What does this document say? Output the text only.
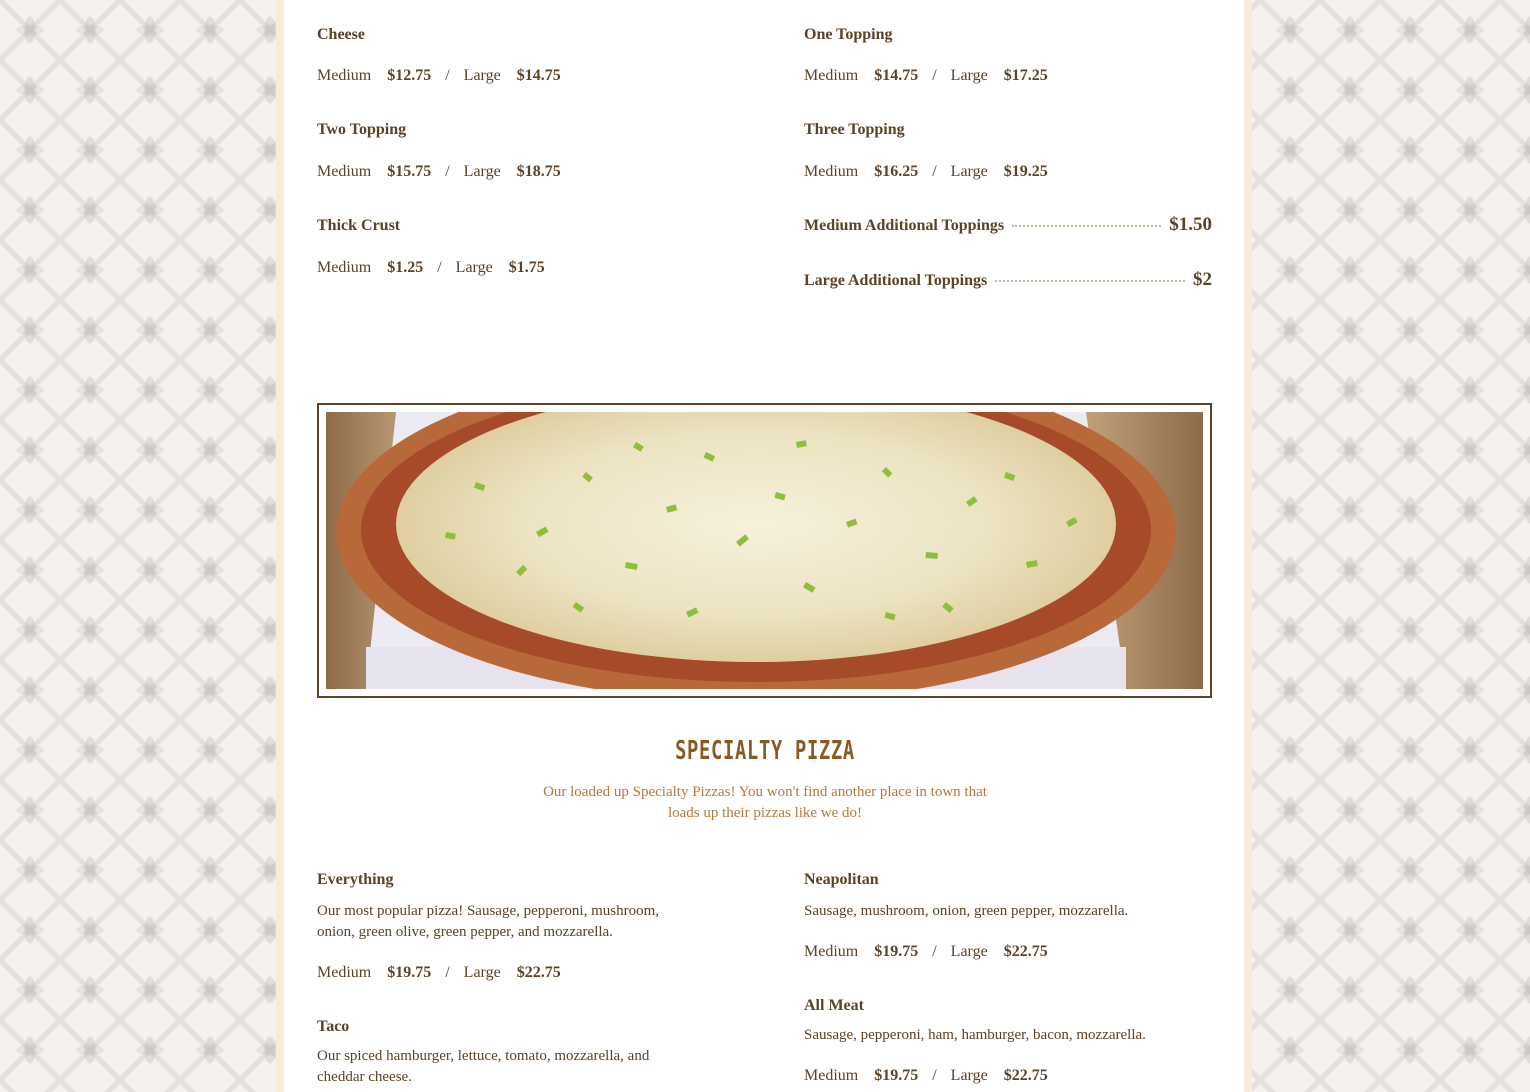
Cheese
Medium $12.75 / Large $14.75
One Topping
Medium $14.75 / Large $17.25
Two Topping
Medium $15.75 / Large $18.75
Three Topping
Medium $16.25 / Large $19.25
Thick Crust
Medium $1.25 / Large $1.75
Medium Additional Toppings	$1.50
Large Additional Toppings	$2
SPECIALTY PIZZA
Our loaded up Specialty Pizzas! You won't find another place in town that loads up their pizzas like we do!
Everything
Our most popular pizza! Sausage, pepperoni, mushroom, onion, green olive, green pepper, and mozzarella.
Medium $19.75 / Large $22.75
Neapolitan
Sausage, mushroom, onion, green pepper, mozzarella.
Medium $19.75 / Large $22.75
All Meat
Sausage, pepperoni, ham, hamburger, bacon, mozzarella.
Medium $19.75 / Large $22.75
Taco
Our spiced hamburger, lettuce, tomato, mozzarella, and cheddar cheese.
